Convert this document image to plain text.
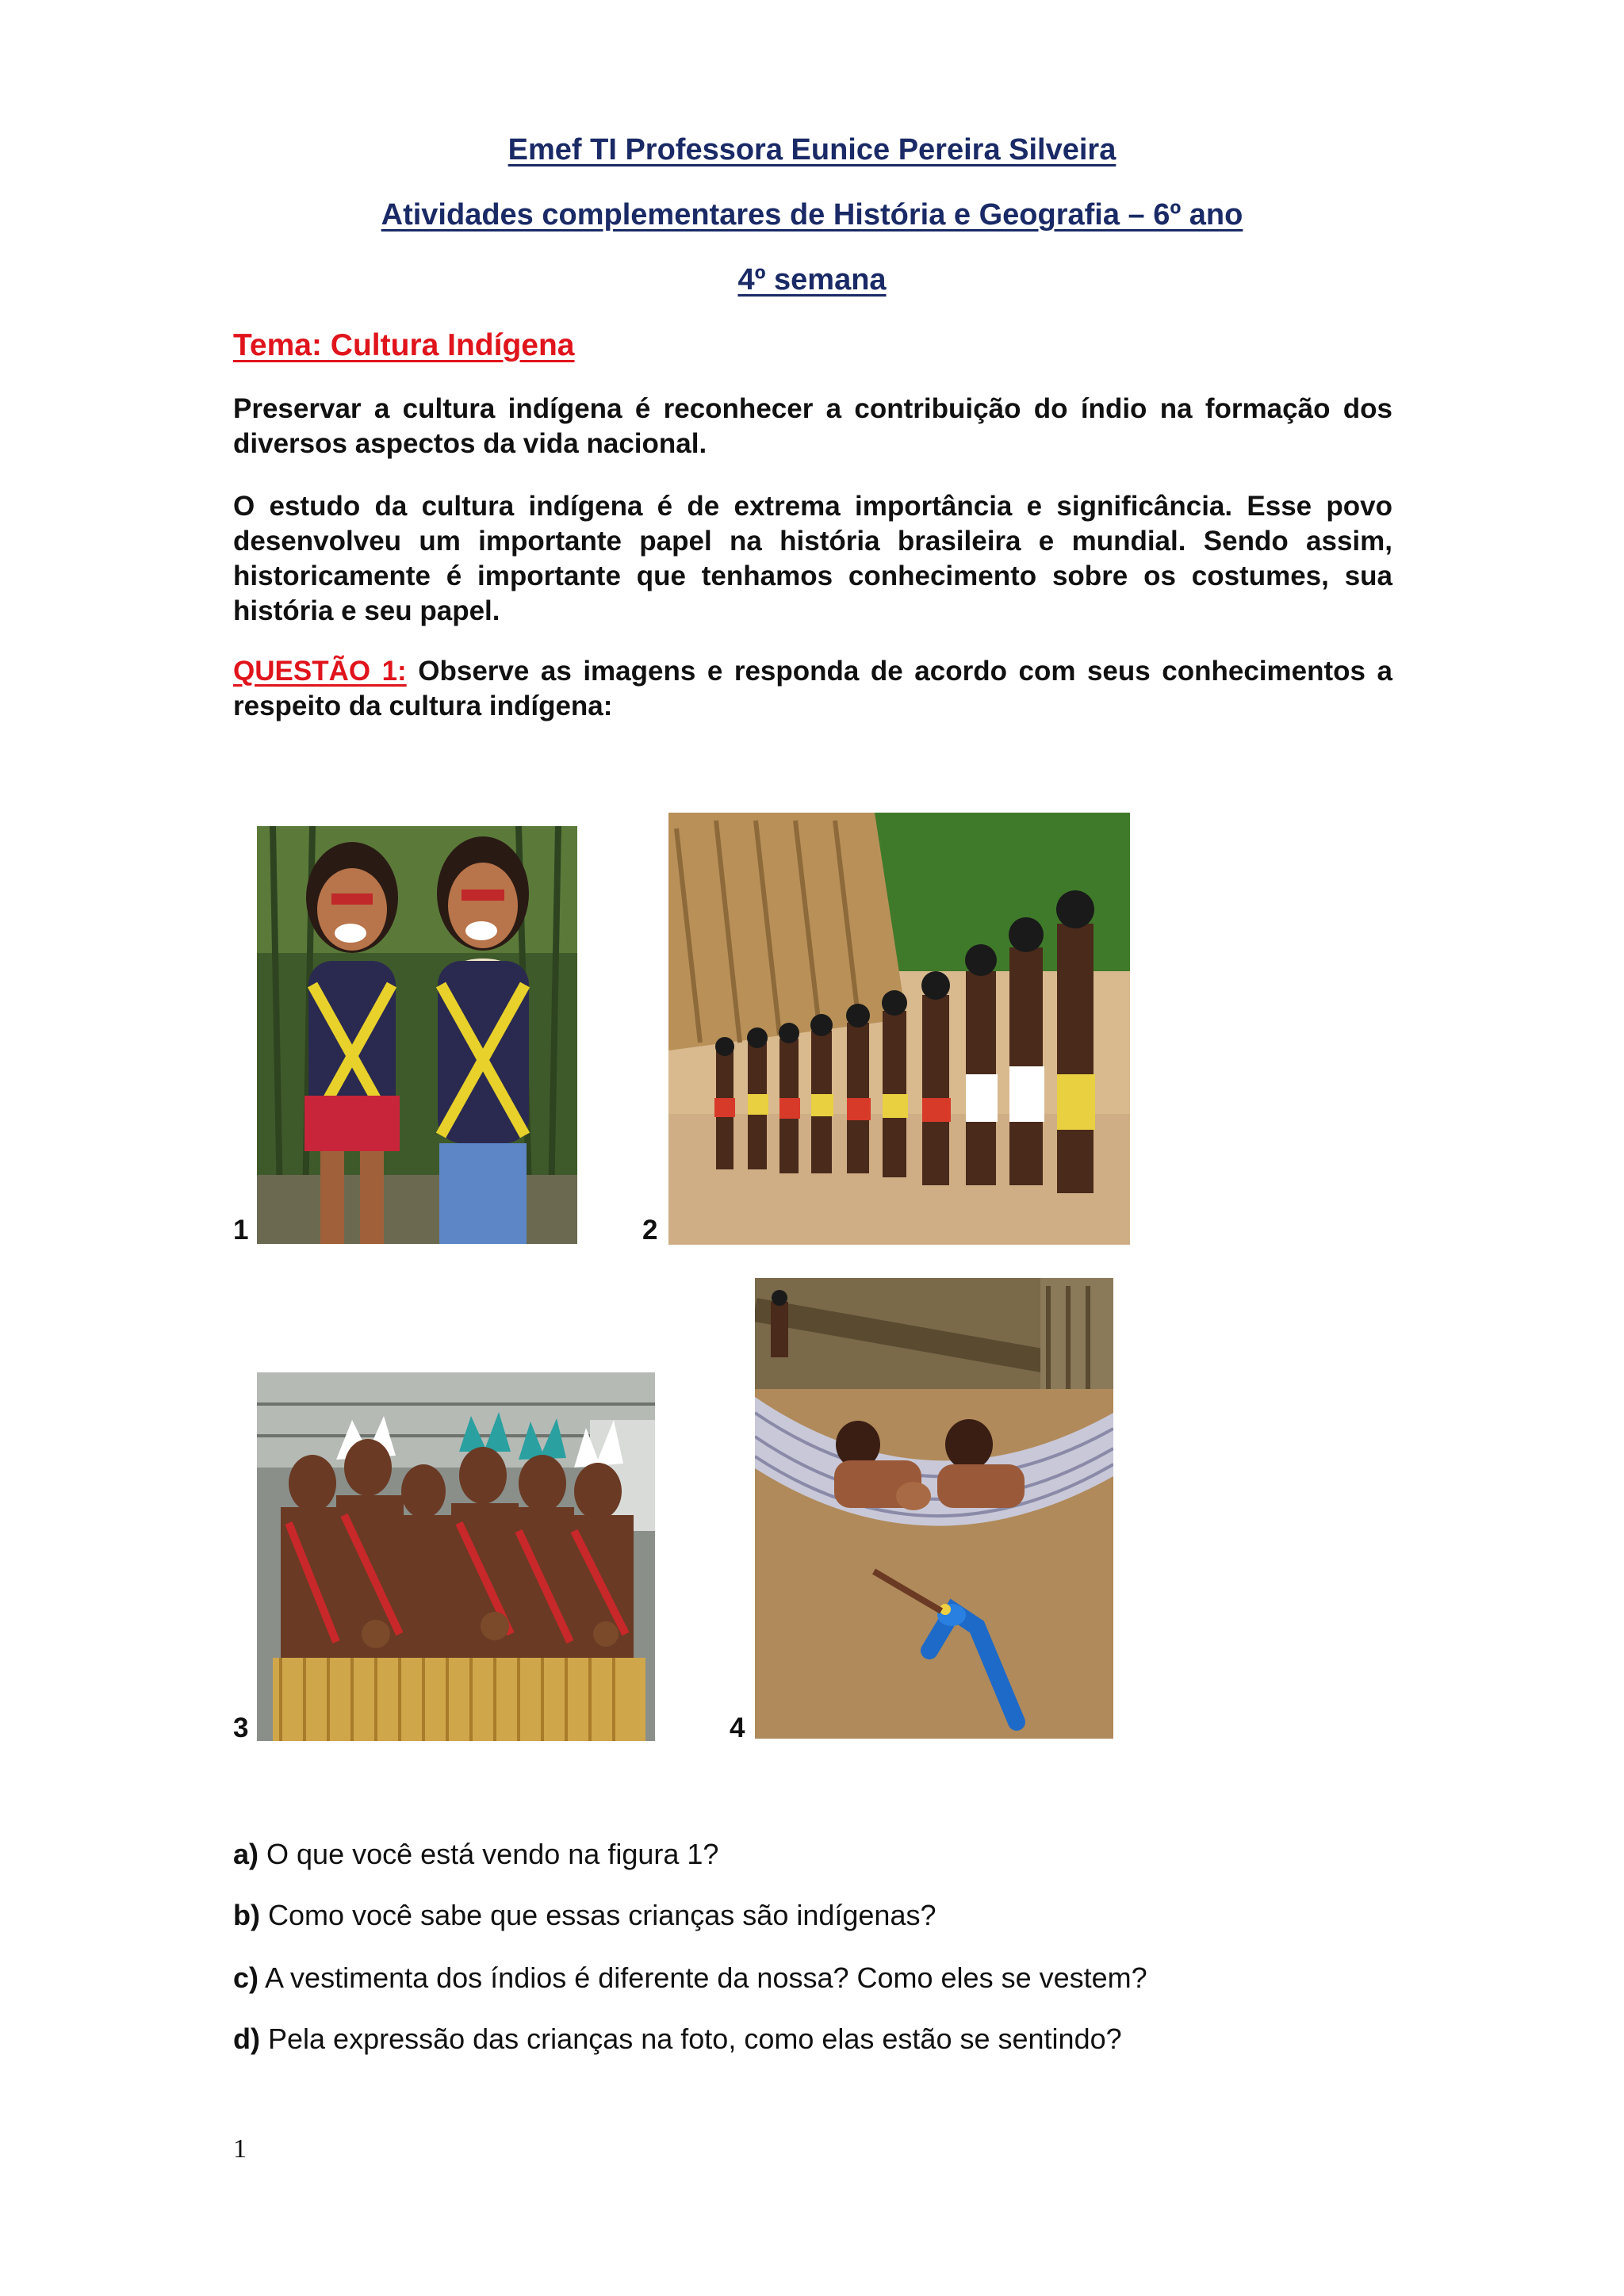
Emef TI Professora Eunice Pereira Silveira

Atividades complementares de História e Geografia – 6º ano

4º semana

Tema: Cultura Indígena

Preservar a cultura indígena é reconhecer a contribuição do índio na formação dos diversos aspectos da vida nacional.

O estudo da cultura indígena é de extrema importância e significância. Esse povo desenvolveu um importante papel na história brasileira e mundial. Sendo assim, historicamente é importante que tenhamos conhecimento sobre os costumes, sua história e seu papel.

QUESTÃO 1: Observe as imagens e responda de acordo com seus conhecimentos a respeito da cultura indígena:

1	2

3	4

a) O que você está vendo na figura 1?

b) Como você sabe que essas crianças são indígenas?

c) A vestimenta dos índios é diferente da nossa? Como eles se vestem?

d) Pela expressão das crianças na foto, como elas estão se sentindo?

1
